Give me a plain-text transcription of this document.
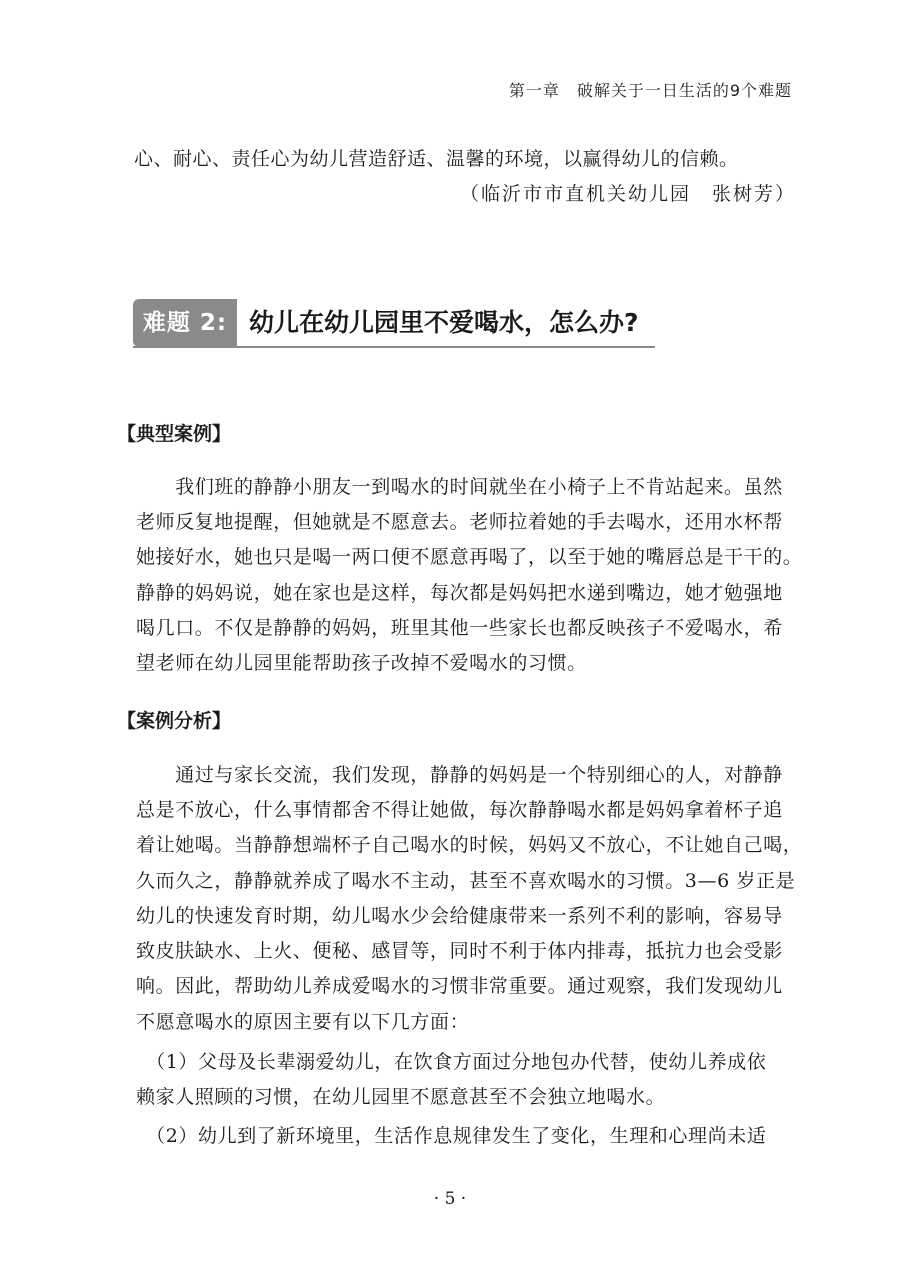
第一章　破解关于一日生活的9个难题
心、耐心、责任心为幼儿营造舒适、温馨的环境，以赢得幼儿的信赖。
（临沂市市直机关幼儿园　张树芳）
难题 2: 幼儿在幼儿园里不爱喝水，怎么办?
【典型案例】
　　我们班的静静小朋友一到喝水的时间就坐在小椅子上不肯站起来。虽然
老师反复地提醒，但她就是不愿意去。老师拉着她的手去喝水，还用水杯帮
她接好水，她也只是喝一两口便不愿意再喝了，以至于她的嘴唇总是干干的。
静静的妈妈说，她在家也是这样，每次都是妈妈把水递到嘴边，她才勉强地
喝几口。不仅是静静的妈妈，班里其他一些家长也都反映孩子不爱喝水，希
望老师在幼儿园里能帮助孩子改掉不爱喝水的习惯。
【案例分析】
　　通过与家长交流，我们发现，静静的妈妈是一个特别细心的人，对静静
总是不放心，什么事情都舍不得让她做，每次静静喝水都是妈妈拿着杯子追
着让她喝。当静静想端杯子自己喝水的时候，妈妈又不放心，不让她自己喝，
久而久之，静静就养成了喝水不主动，甚至不喜欢喝水的习惯。3—6 岁正是
幼儿的快速发育时期，幼儿喝水少会给健康带来一系列不利的影响，容易导
致皮肤缺水、上火、便秘、感冒等，同时不利于体内排毒，抵抗力也会受影
响。因此，帮助幼儿养成爱喝水的习惯非常重要。通过观察，我们发现幼儿
不愿意喝水的原因主要有以下几方面：
　（1）父母及长辈溺爱幼儿，在饮食方面过分地包办代替，使幼儿养成依
赖家人照顾的习惯，在幼儿园里不愿意甚至不会独立地喝水。
　（2）幼儿到了新环境里，生活作息规律发生了变化，生理和心理尚未适
· 5 ·
